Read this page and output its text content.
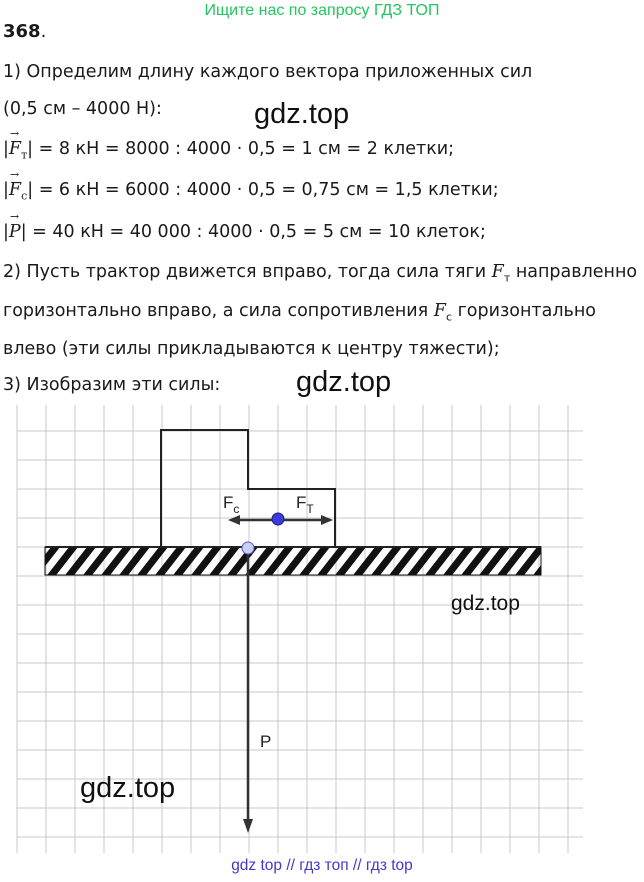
Ищите нас по запросу ГДЗ ТОП
368.
1) Определим длину каждого вектора приложенных сил
(0,5 см – 4000 Н):
|
→
$F_т| = 8$ кН = 8000 : 4000 · 0,5 = 1 см = 2 клетки;
|
→
$F_с| = 6$ кН = 6000 : 4000 · 0,5 = 0,75 см = 1,5 клетки;
|
→
P| = 40 кН = 40 000 : 4000 · 0,5 = 5 см = 10 клеток;
2) Пусть трактор движется вправо, тогда сила тяги $F_т$ направленно
горизонтально вправо, а сила сопротивления $F_с$ горизонтально
влево (эти силы прикладываются к центру тяжести);
3) Изобразим эти силы:
$F_c$	$F_T$
P
gdz.top
gdz.top
gdz.top
gdz.top
gdz top // гдз топ // гдз top
